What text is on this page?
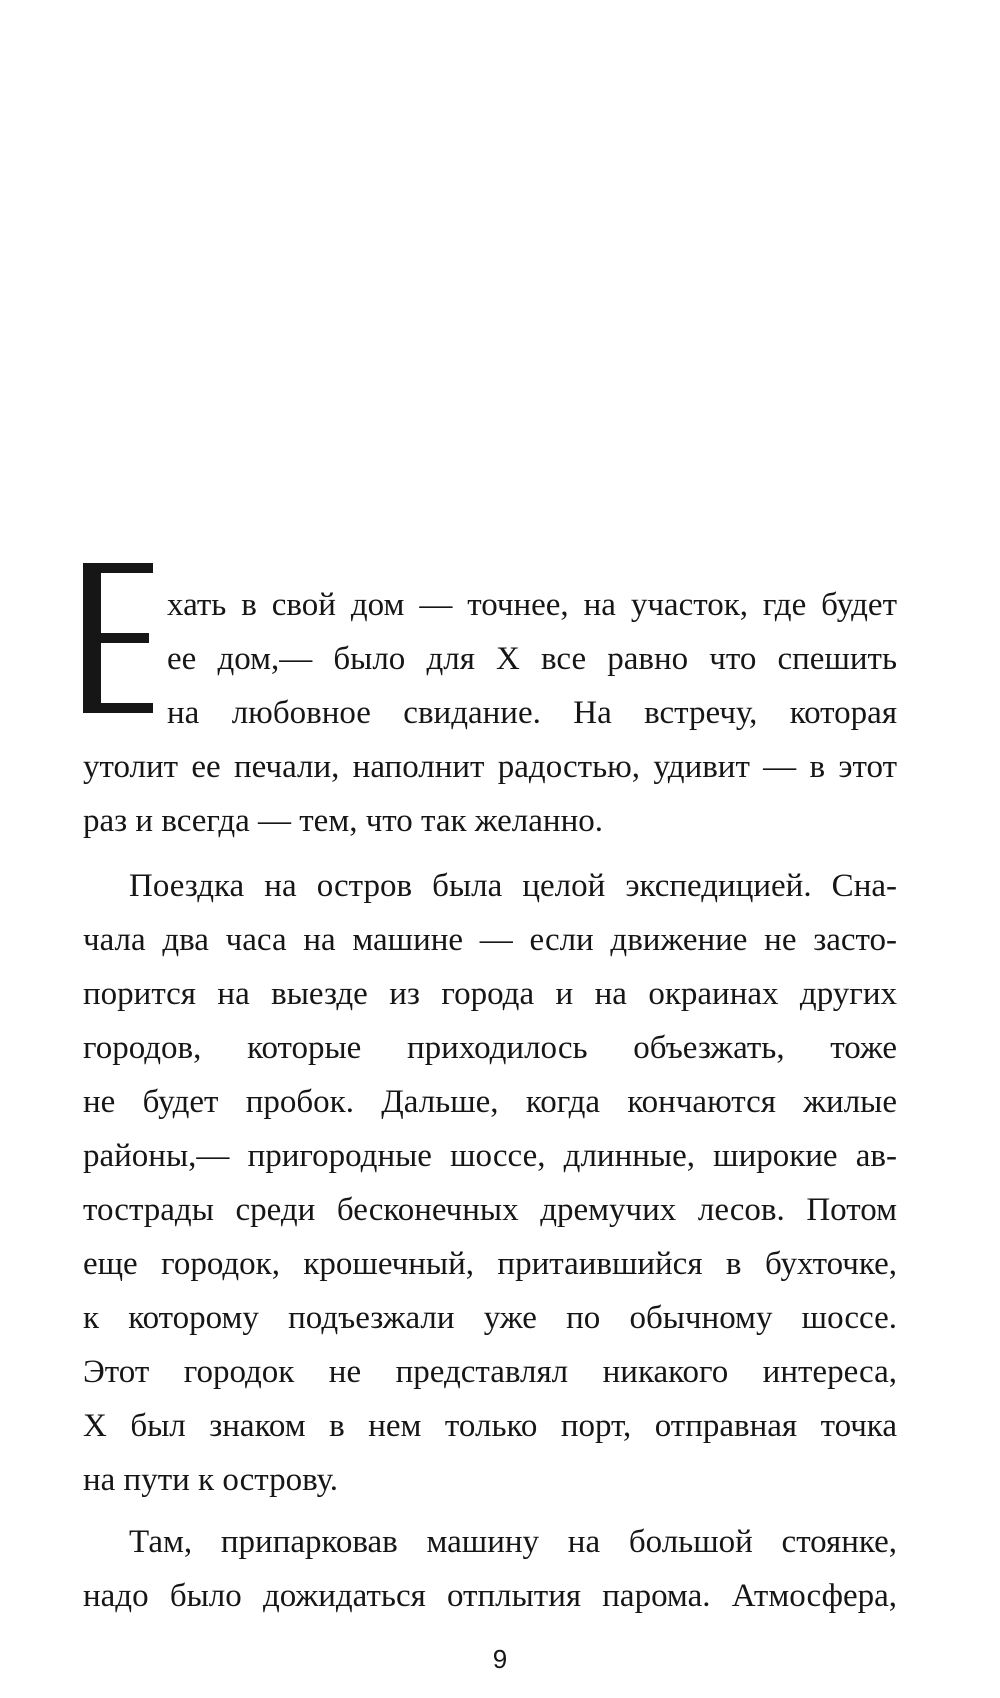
хать в свой дом — точнее, на участок, где будет
ее дом,— было для Х все равно что спешить
на любовное свидание. На встречу, которая
утолит ее печали, наполнит радостью, удивит — в этот
раз и всегда — тем, что так желанно.
Поездка на остров была целой экспедицией. Сна-
чала два часа на машине — если движение не засто-
порится на выезде из города и на окраинах других
городов, которые приходилось объезжать, тоже
не будет пробок. Дальше, когда кончаются жилые
районы,— пригородные шоссе, длинные, широкие ав-
тострады среди бесконечных дремучих лесов. Потом
еще городок, крошечный, притаившийся в бухточке,
к которому подъезжали уже по обычному шоссе.
Этот городок не представлял никакого интереса,
Х был знаком в нем только порт, отправная точка
на пути к острову.
Там, припарковав машину на большой стоянке,
надо было дожидаться отплытия парома. Атмосфера,
9
